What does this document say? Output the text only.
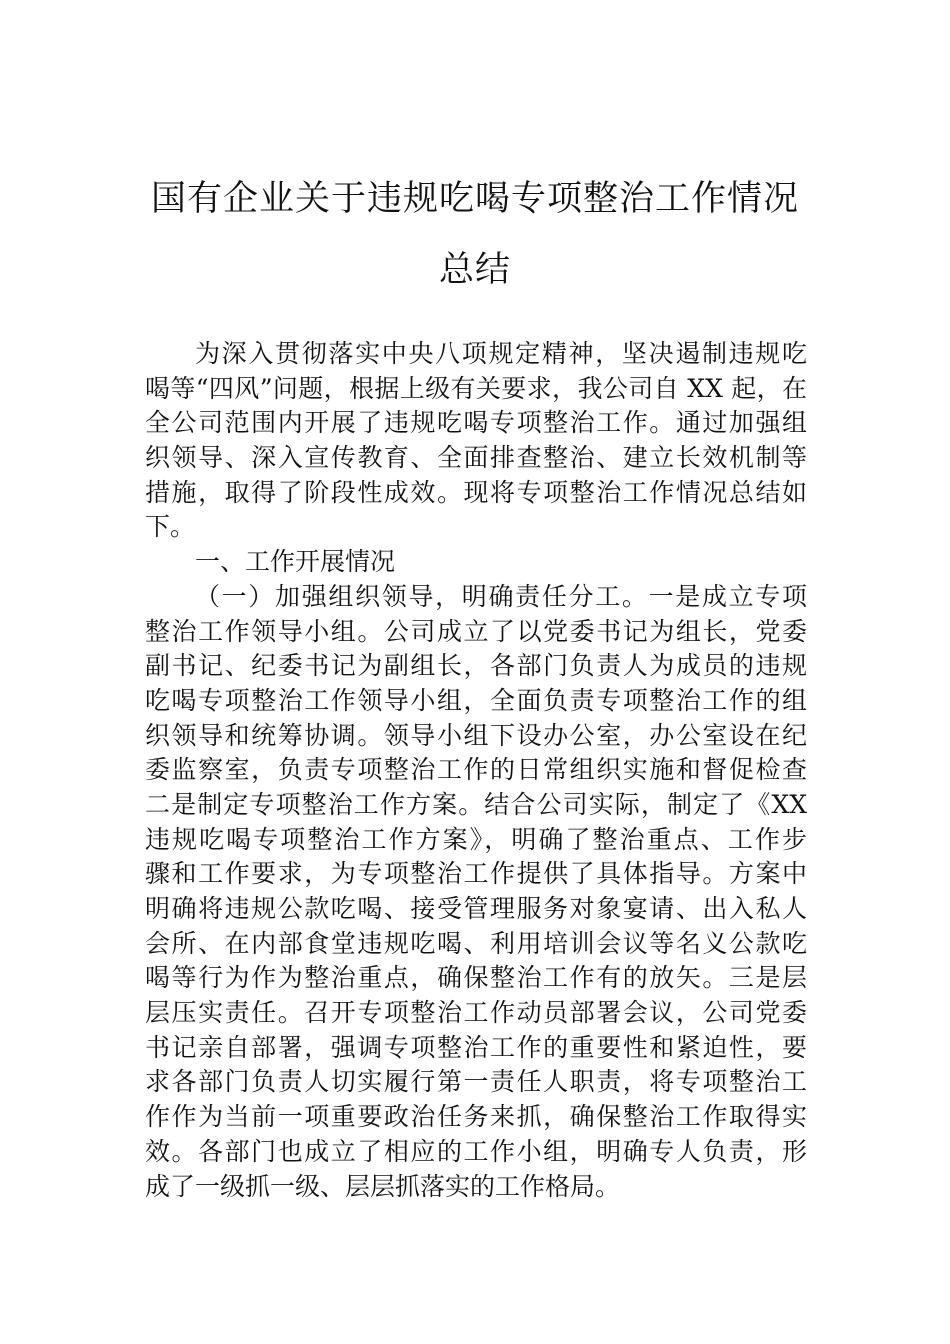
国有企业关于违规吃喝专项整治工作情况
总结
为深入贯彻落实中央八项规定精神，坚决遏制违规吃
喝等“四风”问题，根据上级有关要求，我公司自 XX 起，在
全公司范围内开展了违规吃喝专项整治工作。通过加强组
织领导、深入宣传教育、全面排查整治、建立长效机制等
措施，取得了阶段性成效。现将专项整治工作情况总结如
下。
一、工作开展情况
（一）加强组织领导，明确责任分工。一是成立专项
整治工作领导小组。公司成立了以党委书记为组长，党委
副书记、纪委书记为副组长，各部门负责人为成员的违规
吃喝专项整治工作领导小组，全面负责专项整治工作的组
织领导和统筹协调。领导小组下设办公室，办公室设在纪
委监察室，负责专项整治工作的日常组织实施和督促检查
二是制定专项整治工作方案。结合公司实际，制定了《XX
违规吃喝专项整治工作方案》，明确了整治重点、工作步
骤和工作要求，为专项整治工作提供了具体指导。方案中
明确将违规公款吃喝、接受管理服务对象宴请、出入私人
会所、在内部食堂违规吃喝、利用培训会议等名义公款吃
喝等行为作为整治重点，确保整治工作有的放矢。三是层
层压实责任。召开专项整治工作动员部署会议，公司党委
书记亲自部署，强调专项整治工作的重要性和紧迫性，要
求各部门负责人切实履行第一责任人职责，将专项整治工
作作为当前一项重要政治任务来抓，确保整治工作取得实
效。各部门也成立了相应的工作小组，明确专人负责，形
成了一级抓一级、层层抓落实的工作格局。
